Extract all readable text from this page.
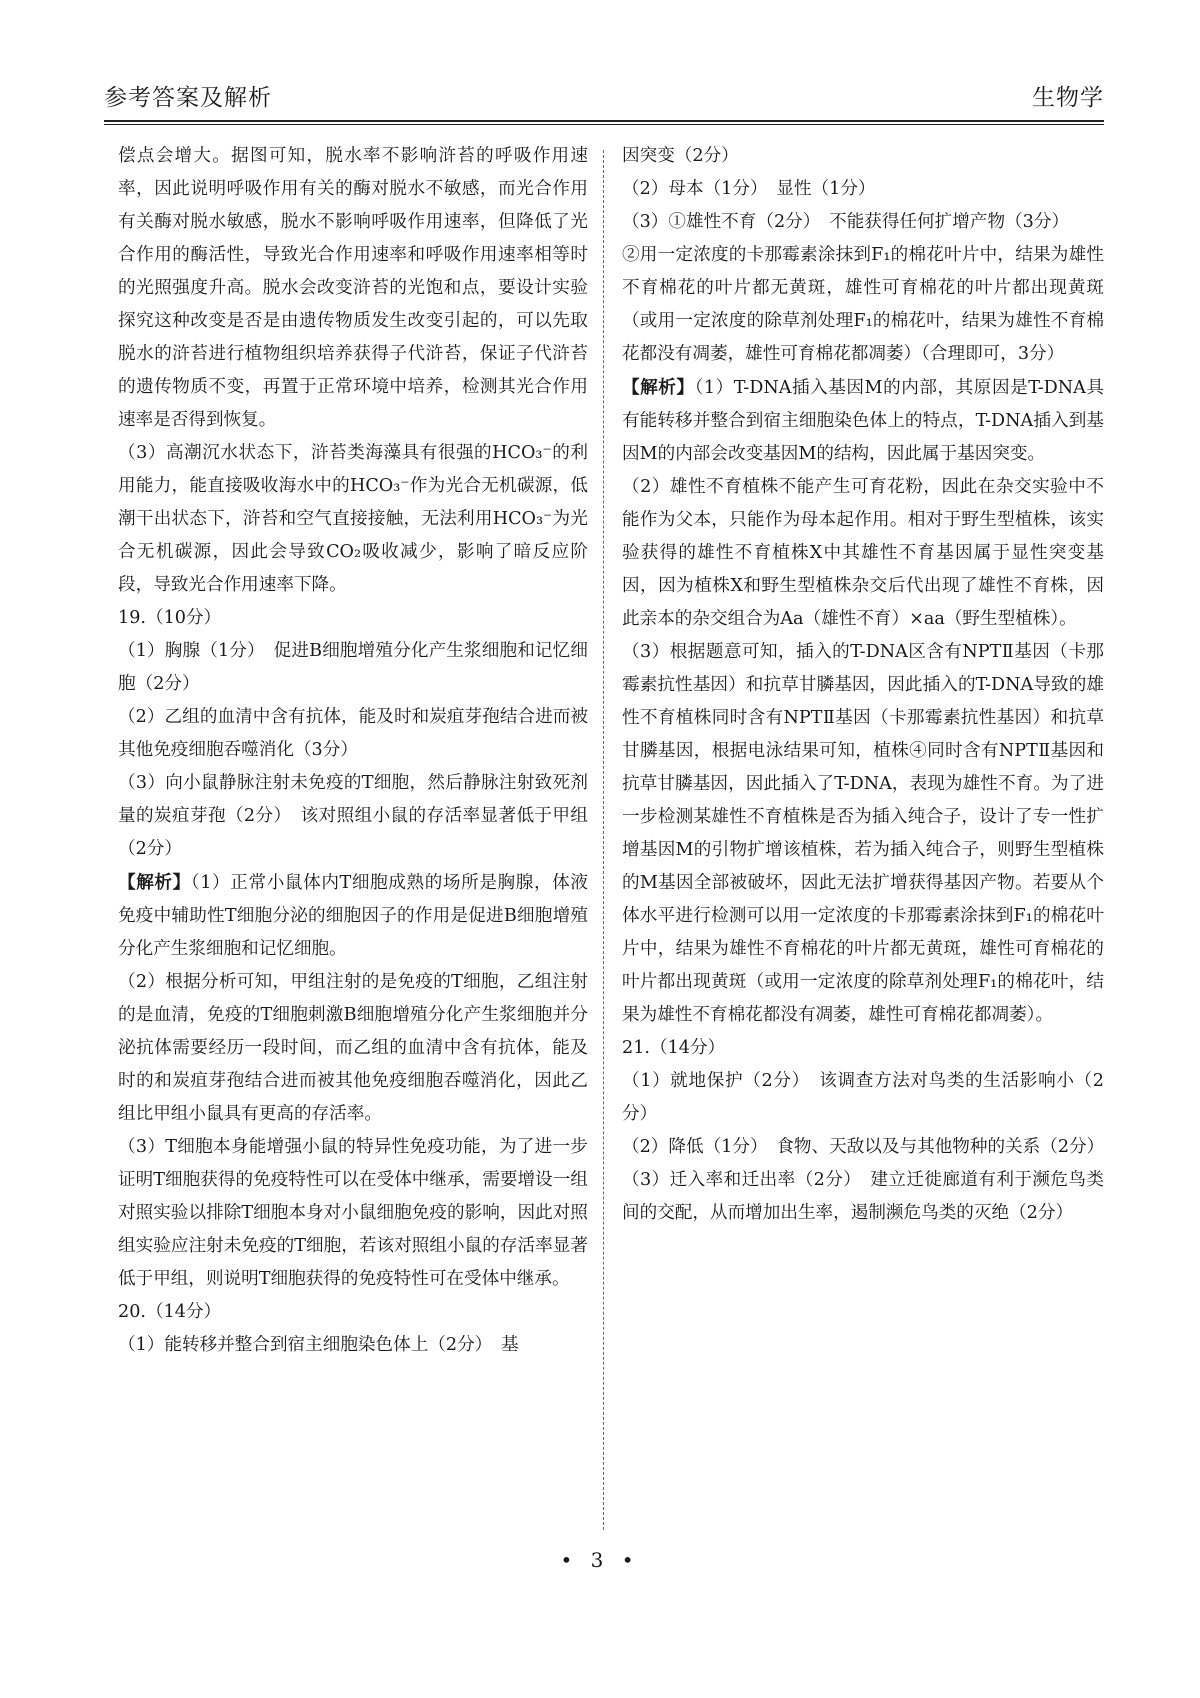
参考答案及解析	生物学

偿点会增大。据图可知，脱水率不影响浒苔的呼吸作用速率，因此说明呼吸作用有关的酶对脱水不敏感，而光合作用有关酶对脱水敏感，脱水不影响呼吸作用速率，但降低了光合作用的酶活性，导致光合作用速率和呼吸作用速率相等时的光照强度升高。脱水会改变浒苔的光饱和点，要设计实验探究这种改变是否是由遗传物质发生改变引起的，可以先取脱水的浒苔进行植物组织培养获得子代浒苔，保证子代浒苔的遗传物质不变，再置于正常环境中培养，检测其光合作用速率是否得到恢复。

（3）高潮沉水状态下，浒苔类海藻具有很强的HCO₃⁻的利用能力，能直接吸收海水中的HCO₃⁻作为光合无机碳源，低潮干出状态下，浒苔和空气直接接触，无法利用HCO₃⁻为光合无机碳源，因此会导致CO₂吸收减少，影响了暗反应阶段，导致光合作用速率下降。

19.（10分）

（1）胸腺（1分）　促进B细胞增殖分化产生浆细胞和记忆细胞（2分）

（2）乙组的血清中含有抗体，能及时和炭疽芽孢结合进而被其他免疫细胞吞噬消化（3分）

（3）向小鼠静脉注射未免疫的T细胞，然后静脉注射致死剂量的炭疽芽孢（2分）　该对照组小鼠的存活率显著低于甲组（2分）

【解析】（1）正常小鼠体内T细胞成熟的场所是胸腺，体液免疫中辅助性T细胞分泌的细胞因子的作用是促进B细胞增殖分化产生浆细胞和记忆细胞。

（2）根据分析可知，甲组注射的是免疫的T细胞，乙组注射的是血清，免疫的T细胞刺激B细胞增殖分化产生浆细胞并分泌抗体需要经历一段时间，而乙组的血清中含有抗体，能及时的和炭疽芽孢结合进而被其他免疫细胞吞噬消化，因此乙组比甲组小鼠具有更高的存活率。

（3）T细胞本身能增强小鼠的特异性免疫功能，为了进一步证明T细胞获得的免疫特性可以在受体中继承，需要增设一组对照实验以排除T细胞本身对小鼠细胞免疫的影响，因此对照组实验应注射未免疫的T细胞，若该对照组小鼠的存活率显著低于甲组，则说明T细胞获得的免疫特性可在受体中继承。

20.（14分）

（1）能转移并整合到宿主细胞染色体上（2分）　基

因突变（2分）

（2）母本（1分）　显性（1分）

（3）①雄性不育（2分）　不能获得任何扩增产物（3分）

②用一定浓度的卡那霉素涂抹到F₁的棉花叶片中，结果为雄性不育棉花的叶片都无黄斑，雄性可育棉花的叶片都出现黄斑（或用一定浓度的除草剂处理F₁的棉花叶，结果为雄性不育棉花都没有凋萎，雄性可育棉花都凋萎）（合理即可，3分）

【解析】（1）T-DNA插入基因M的内部，其原因是T-DNA具有能转移并整合到宿主细胞染色体上的特点，T-DNA插入到基因M的内部会改变基因M的结构，因此属于基因突变。

（2）雄性不育植株不能产生可育花粉，因此在杂交实验中不能作为父本，只能作为母本起作用。相对于野生型植株，该实验获得的雄性不育植株X中其雄性不育基因属于显性突变基因，因为植株X和野生型植株杂交后代出现了雄性不育株，因此亲本的杂交组合为Aa（雄性不育）×aa（野生型植株）。

（3）根据题意可知，插入的T-DNA区含有NPTⅡ基因（卡那霉素抗性基因）和抗草甘膦基因，因此插入的T-DNA导致的雄性不育植株同时含有NPTⅡ基因（卡那霉素抗性基因）和抗草甘膦基因，根据电泳结果可知，植株④同时含有NPTⅡ基因和抗草甘膦基因，因此插入了T-DNA，表现为雄性不育。为了进一步检测某雄性不育植株是否为插入纯合子，设计了专一性扩增基因M的引物扩增该植株，若为插入纯合子，则野生型植株的M基因全部被破坏，因此无法扩增获得基因产物。若要从个体水平进行检测可以用一定浓度的卡那霉素涂抹到F₁的棉花叶片中，结果为雄性不育棉花的叶片都无黄斑，雄性可育棉花的叶片都出现黄斑（或用一定浓度的除草剂处理F₁的棉花叶，结果为雄性不育棉花都没有凋萎，雄性可育棉花都凋萎）。

21.（14分）

（1）就地保护（2分）　该调查方法对鸟类的生活影响小（2分）

（2）降低（1分）　食物、天敌以及与其他物种的关系（2分）

（3）迁入率和迁出率（2分）　建立迁徙廊道有利于濒危鸟类间的交配，从而增加出生率，遏制濒危鸟类的灭绝（2分）

• 3 •
